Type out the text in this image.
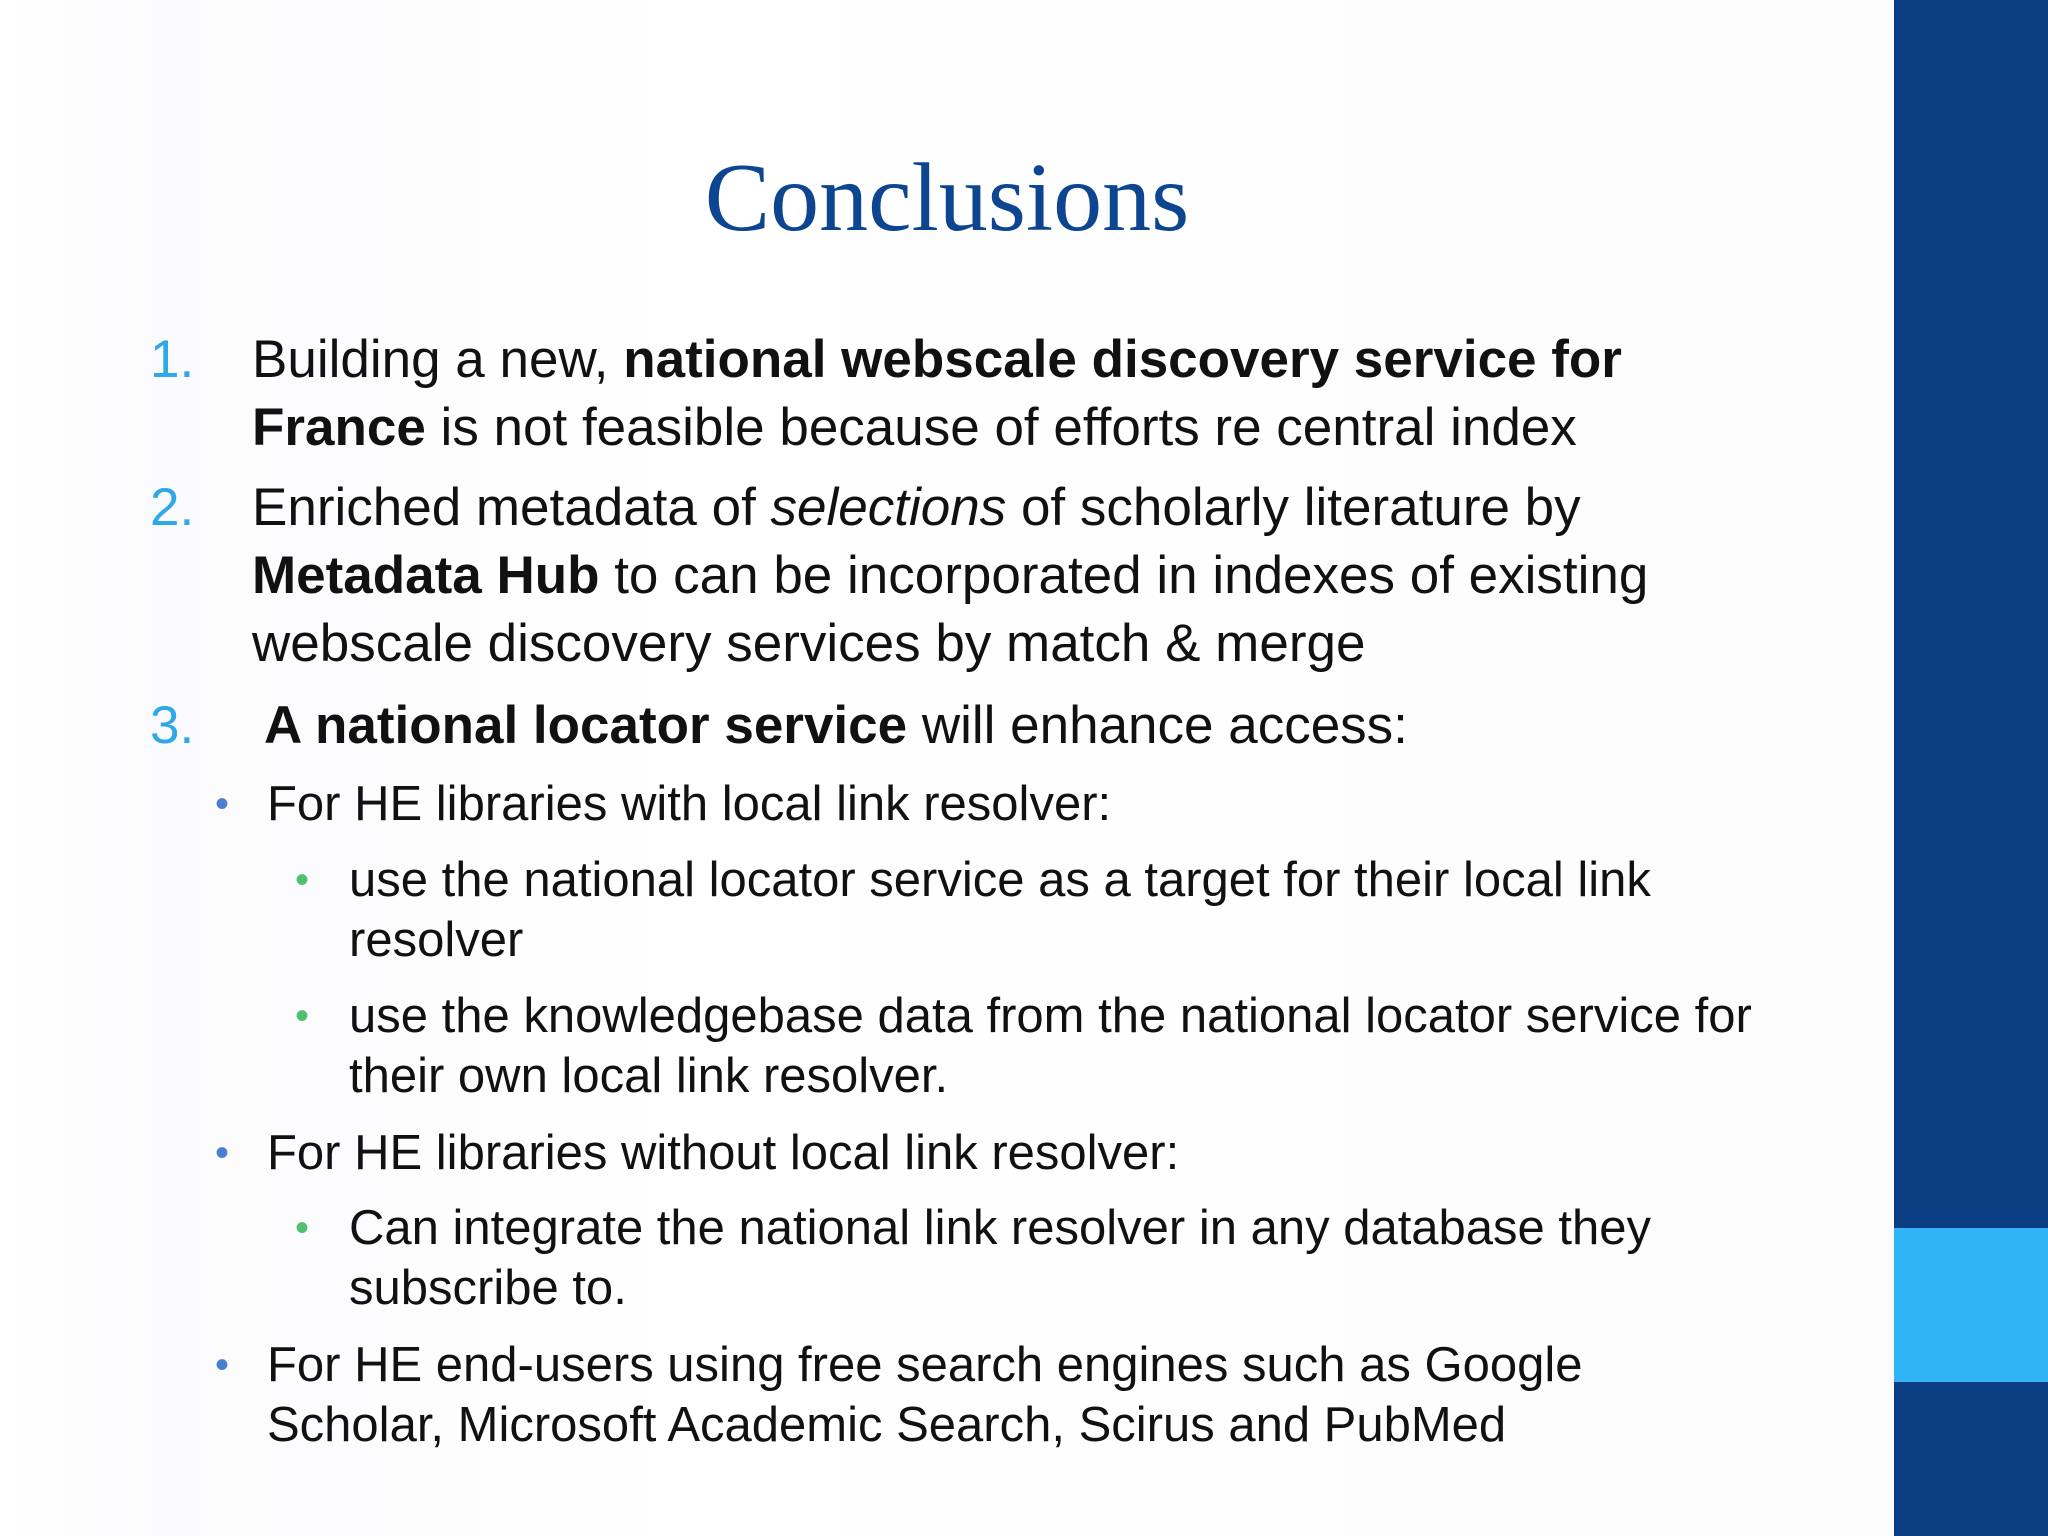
Conclusions
1.	Building a new, national webscale discovery service for France is not feasible because of efforts re central index
2.	Enriched metadata of selections of scholarly literature by Metadata Hub to can be incorporated in indexes of existing webscale discovery services by match & merge
3.	A national locator service will enhance access:
• For HE libraries with local link resolver:
• use the national locator service as a target for their local link resolver
• use the knowledgebase data from the national locator service for their own local link resolver.
• For HE libraries without local link resolver:
• Can integrate the national link resolver in any database they subscribe to.
• For HE end-users using free search engines such as Google Scholar, Microsoft Academic Search, Scirus and PubMed
